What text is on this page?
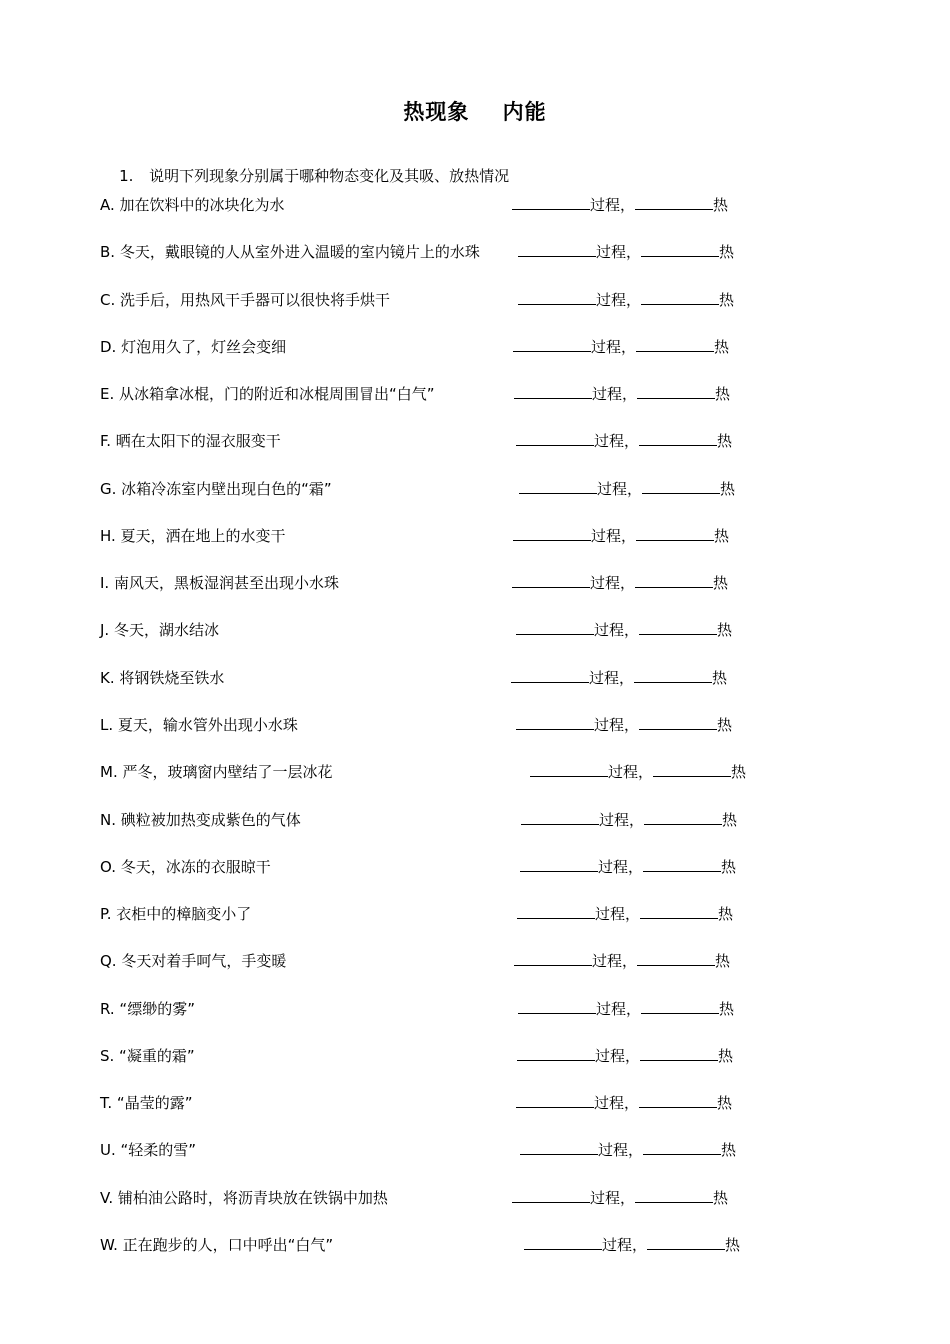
热现象    内能

1. 说明下列现象分别属于哪种物态变化及其吸、放热情况

A. 加在饮料中的冰块化为水	过程，	热
B. 冬天，戴眼镜的人从室外进入温暖的室内镜片上的水珠	过程，	热
C. 洗手后，用热风干手器可以很快将手烘干	过程，	热
D. 灯泡用久了，灯丝会变细	过程，	热
E. 从冰箱拿冰棍，门的附近和冰棍周围冒出“白气”	过程，	热
F. 晒在太阳下的湿衣服变干	过程，	热
G. 冰箱冷冻室内壁出现白色的“霜”	过程，	热
H. 夏天，洒在地上的水变干	过程，	热
I. 南风天，黑板湿润甚至出现小水珠	过程，	热
J. 冬天，湖水结冰	过程，	热
K. 将钢铁烧至铁水	过程，	热
L. 夏天，输水管外出现小水珠	过程，	热
M. 严冬，玻璃窗内壁结了一层冰花	过程，	热
N. 碘粒被加热变成紫色的气体	过程，	热
O. 冬天，冰冻的衣服晾干	过程，	热
P. 衣柜中的樟脑变小了	过程，	热
Q. 冬天对着手呵气，手变暖	过程，	热
R. “缥缈的雾”	过程，	热
S. “凝重的霜”	过程，	热
T. “晶莹的露”	过程，	热
U. “轻柔的雪”	过程，	热
V. 铺柏油公路时，将沥青块放在铁锅中加热	过程，	热
W. 正在跑步的人，口中呼出“白气”	过程，	热
